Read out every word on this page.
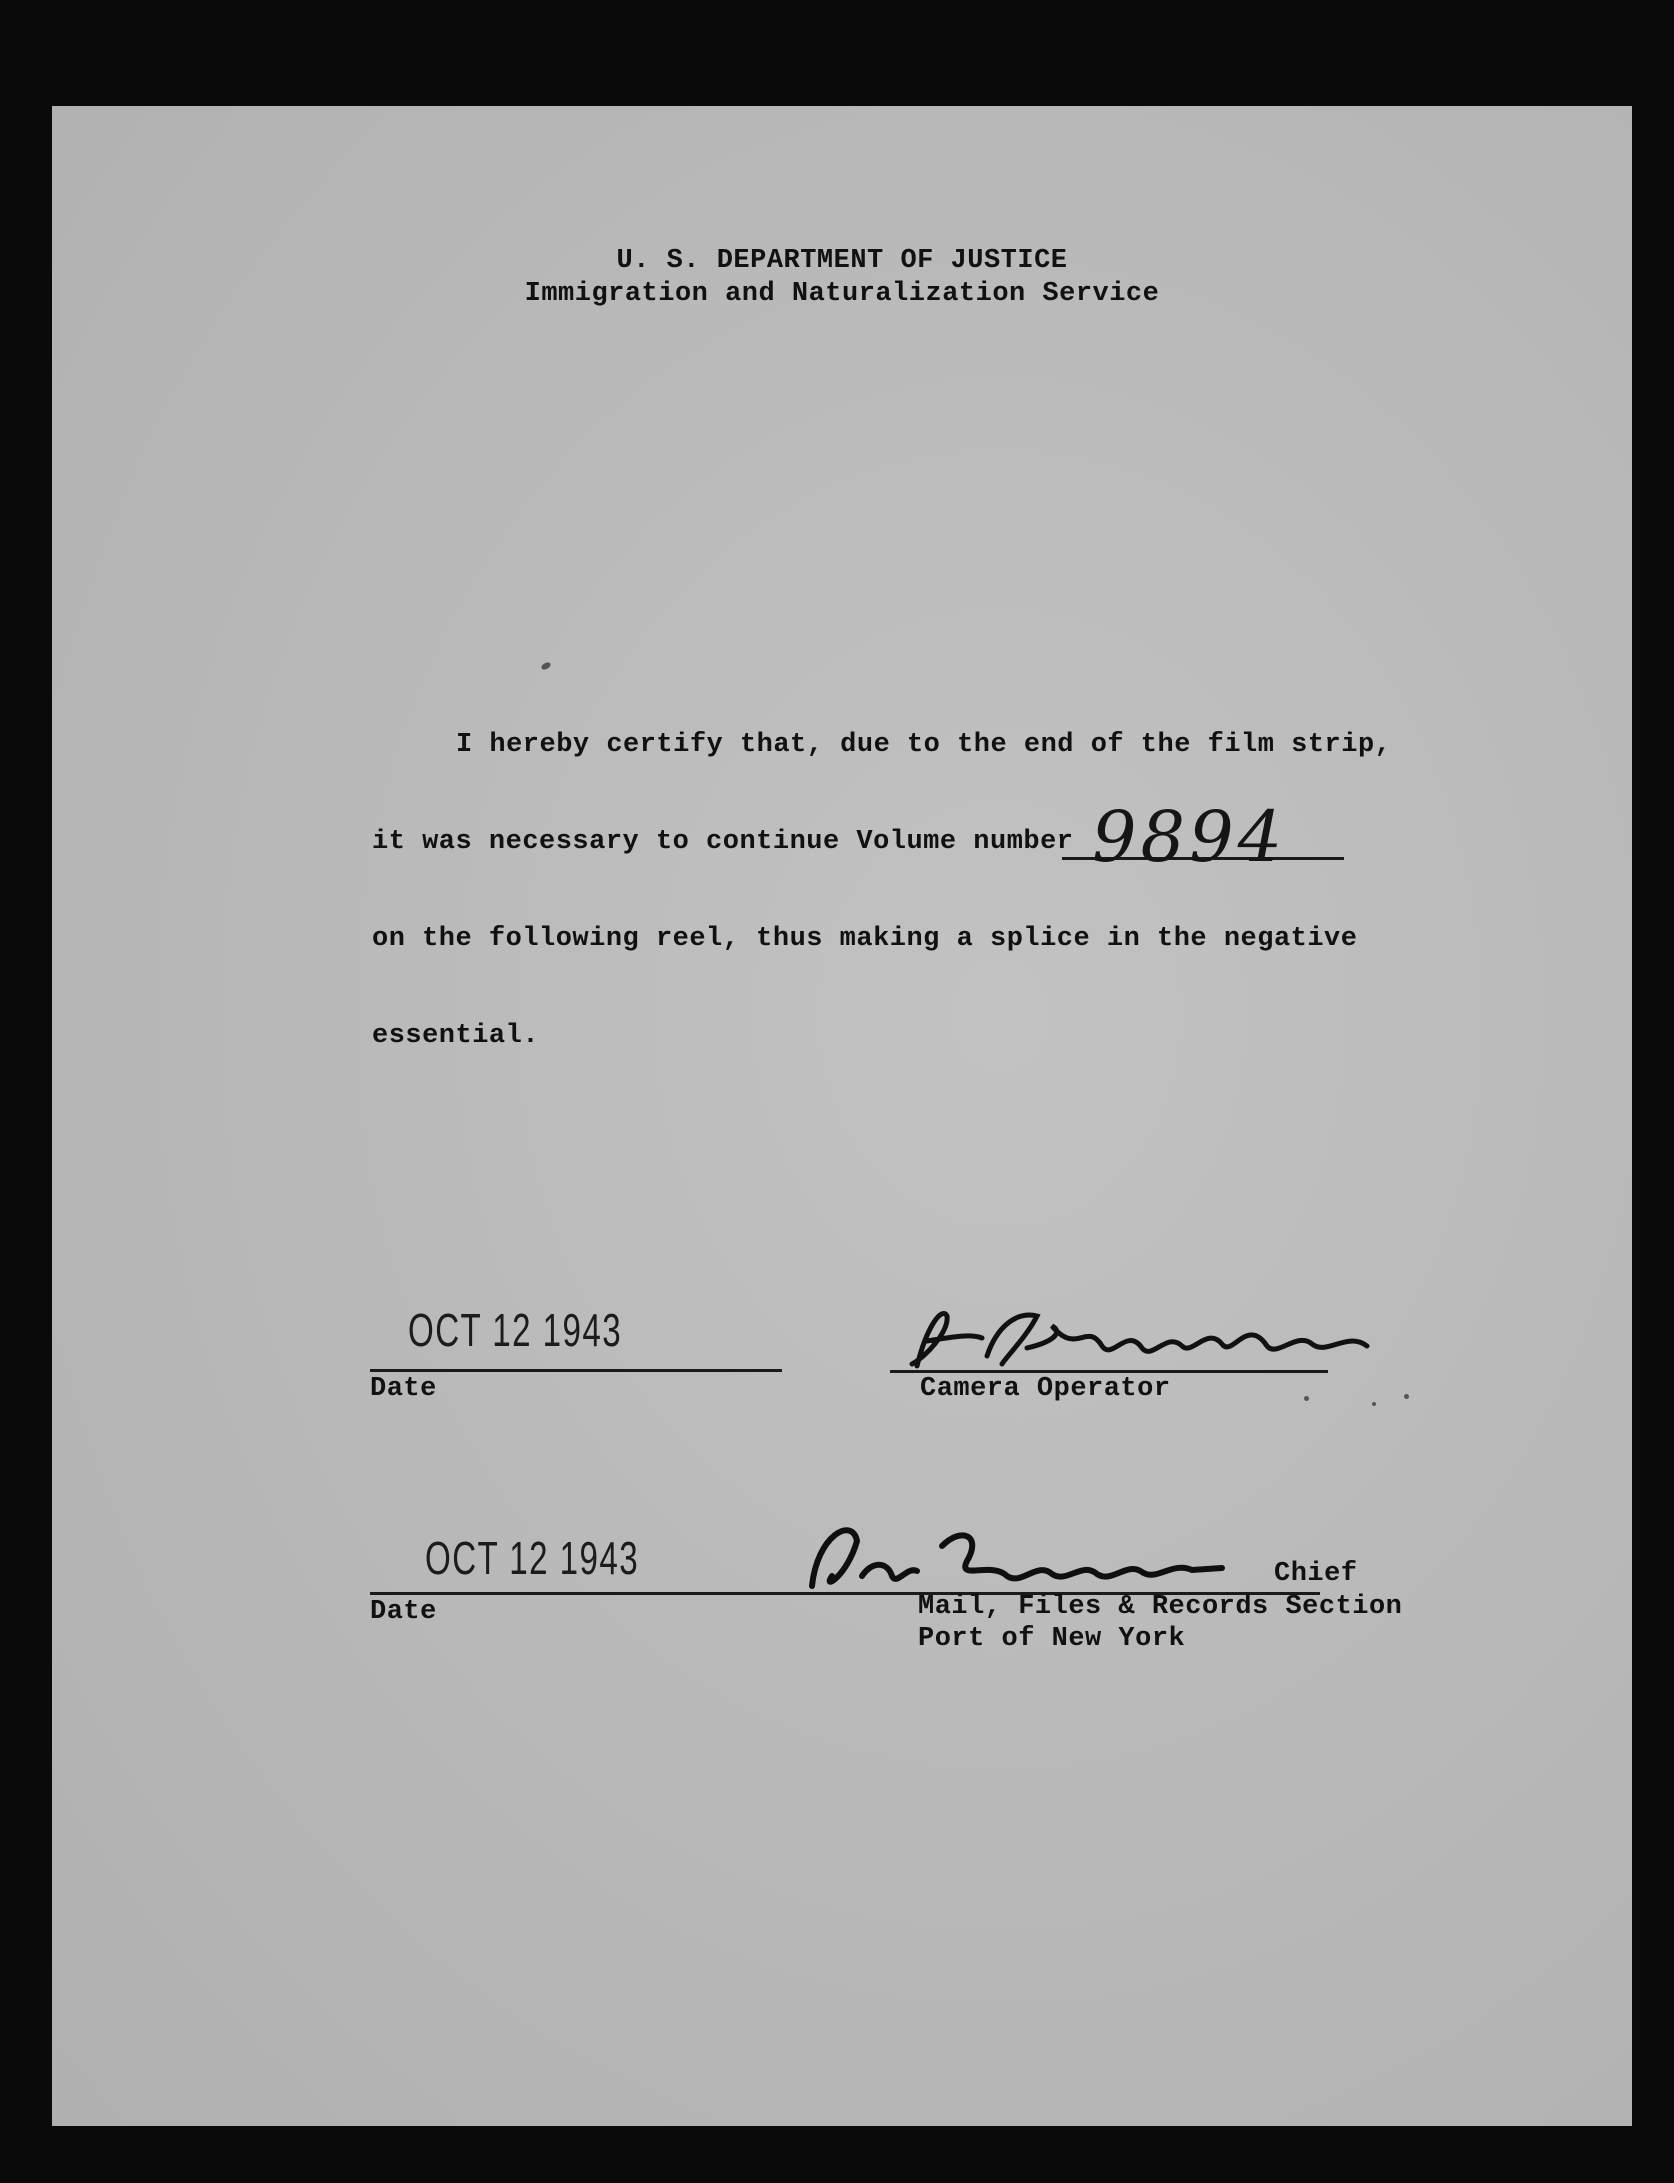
U. S. DEPARTMENT OF JUSTICE
Immigration and Naturalization Service
I hereby certify that, due to the end of the film strip,
it was necessary to continue Volume number 9894
on the following reel, thus making a splice in the negative
essential.
OCT 12 1943
Date	Camera Operator
OCT 12 1943
Date
Chief
Mail, Files & Records Section
Port of New York
